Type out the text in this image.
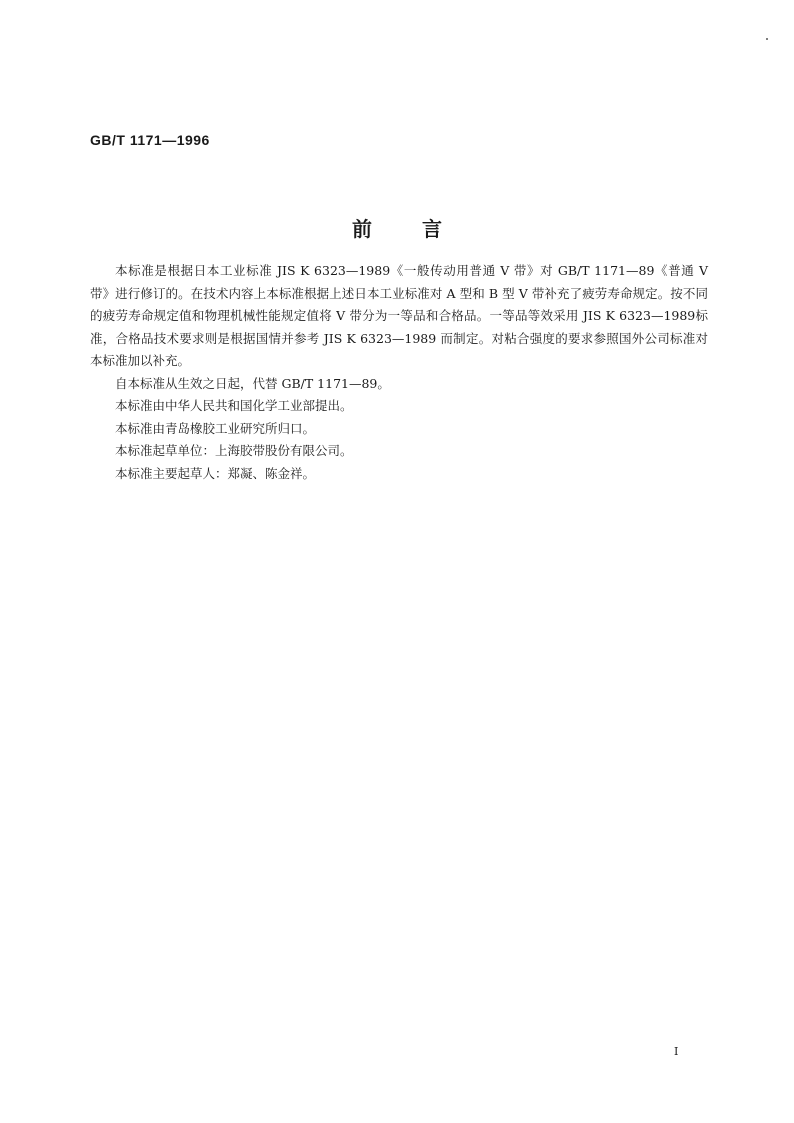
GB/T 1171—1996
前言

本标准是根据日本工业标准 JIS K 6323—1989《一般传动用普通 V 带》对 GB/T 1171—89《普通 V 带》进行修订的。在技术内容上本标准根据上述日本工业标准对 A 型和 B 型 V 带补充了疲劳寿命规定。按不同的疲劳寿命规定值和物理机械性能规定值将 V 带分为一等品和合格品。一等品等效采用 JIS K 6323—1989标准，合格品技术要求则是根据国情并参考 JIS K 6323—1989 而制定。对粘合强度的要求参照国外公司标准对本标准加以补充。

自本标准从生效之日起，代替 GB/T 1171—89。

本标准由中华人民共和国化学工业部提出。

本标准由青岛橡胶工业研究所归口。

本标准起草单位：上海胶带股份有限公司。

本标准主要起草人：郑凝、陈金祥。

I
